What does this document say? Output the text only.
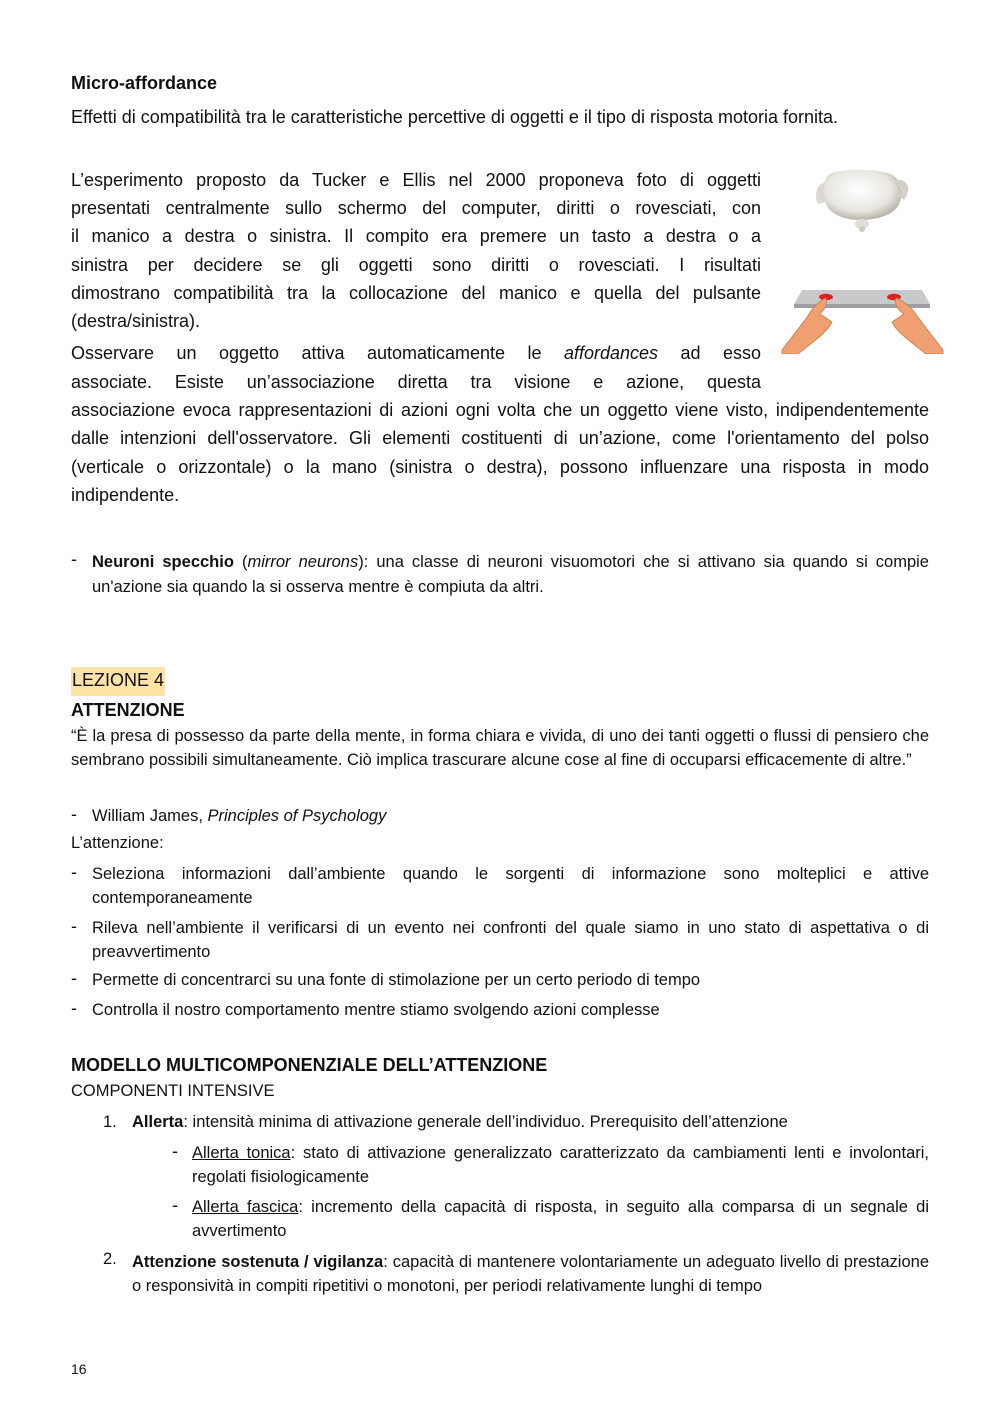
Micro-affordance
Effetti di compatibilità tra le caratteristiche percettive di oggetti e il tipo di risposta motoria fornita.
L’esperimento proposto da Tucker e Ellis nel 2000 proponeva foto di oggetti
presentati centralmente sullo schermo del computer, diritti o rovesciati, con
il manico a destra o sinistra. Il compito era premere un tasto a destra o a
sinistra per decidere se gli oggetti sono diritti o rovesciati. I risultati
dimostrano compatibilità tra la collocazione del manico e quella del pulsante
(destra/sinistra).
Osservare un oggetto attiva automaticamente le affordances ad esso
associate. Esiste un’associazione diretta tra visione e azione, questa
associazione evoca rappresentazioni di azioni ogni volta che un oggetto viene visto, indipendentemente dalle intenzioni dell'osservatore. Gli elementi costituenti di un’azione, come l'orientamento del polso (verticale o orizzontale) o la mano (sinistra o destra), possono influenzare una risposta in modo indipendente.
- Neuroni specchio (mirror neurons): una classe di neuroni visuomotori che si attivano sia quando si compie un'azione sia quando la si osserva mentre è compiuta da altri.
LEZIONE 4
ATTENZIONE
“È la presa di possesso da parte della mente, in forma chiara e vivida, di uno dei tanti oggetti o flussi di pensiero che sembrano possibili simultaneamente. Ciò implica trascurare alcune cose al fine di occuparsi efficacemente di altre.”
- William James, Principles of Psychology
L’attenzione:
- Seleziona informazioni dall’ambiente quando le sorgenti di informazione sono molteplici e attive contemporaneamente
- Rileva nell’ambiente il verificarsi di un evento nei confronti del quale siamo in uno stato di aspettativa o di preavvertimento
- Permette di concentrarci su una fonte di stimolazione per un certo periodo di tempo
- Controlla il nostro comportamento mentre stiamo svolgendo azioni complesse
MODELLO MULTICOMPONENZIALE DELL’ATTENZIONE
COMPONENTI INTENSIVE
1. Allerta: intensità minima di attivazione generale dell’individuo. Prerequisito dell’attenzione
- Allerta tonica: stato di attivazione generalizzato caratterizzato da cambiamenti lenti e involontari, regolati fisiologicamente
- Allerta fascica: incremento della capacità di risposta, in seguito alla comparsa di un segnale di avvertimento
2. Attenzione sostenuta / vigilanza: capacità di mantenere volontariamente un adeguato livello di prestazione o responsività in compiti ripetitivi o monotoni, per periodi relativamente lunghi di tempo
16
